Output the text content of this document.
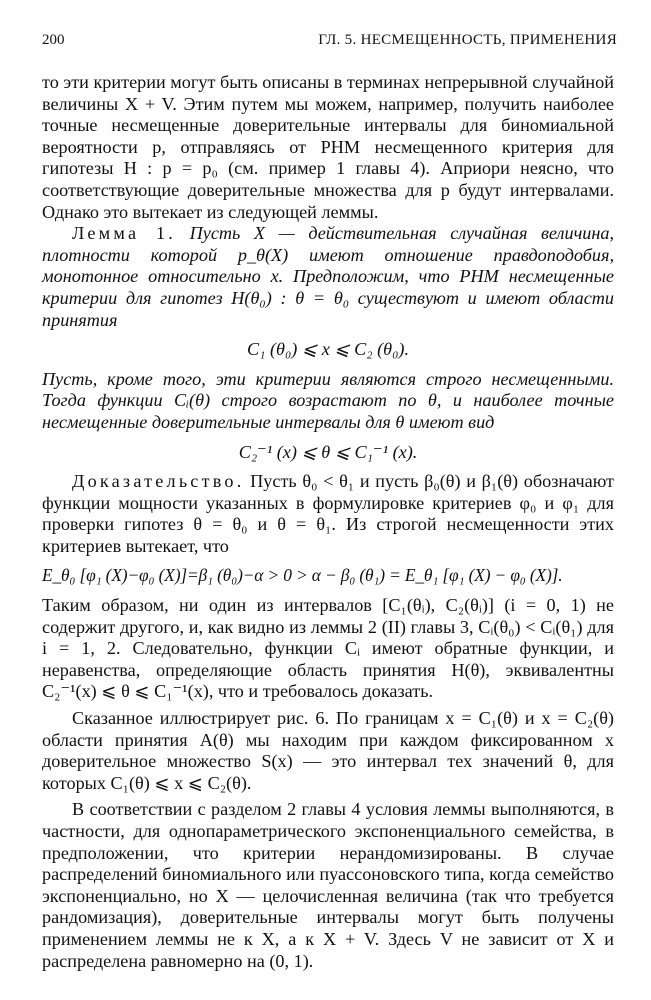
200	ГЛ. 5. НЕСМЕЩЕННОСТЬ, ПРИМЕНЕНИЯ

то эти критерии могут быть описаны в терминах непрерывной случайной величины X + V. Этим путем мы можем, например, получить наиболее точные несмещенные доверительные интервалы для биномиальной вероятности p, отправляясь от РНМ несмещенного критерия для гипотезы H : p = p₀ (см. пример 1 главы 4). Априори неясно, что соответствующие доверительные множества для p будут интервалами. Однако это вытекает из следующей леммы.

Лемма 1. Пусть X — действительная случайная величина, плотности которой p_θ(X) имеют отношение правдоподобия, монотонное относительно x. Предположим, что РНМ несмещенные критерии для гипотез H(θ₀) : θ = θ₀ существуют и имеют области принятия

C₁ (θ₀) ⩽ x ⩽ C₂ (θ₀).

Пусть, кроме того, эти критерии являются строго несмещенными. Тогда функции Cᵢ(θ) строго возрастают по θ, и наиболее точные несмещенные доверительные интервалы для θ имеют вид

C₂⁻¹ (x) ⩽ θ ⩽ C₁⁻¹ (x).

Доказательство. Пусть θ₀ < θ₁ и пусть β₀(θ) и β₁(θ) обозначают функции мощности указанных в формулировке критериев φ₀ и φ₁ для проверки гипотез θ = θ₀ и θ = θ₁. Из строгой несмещенности этих критериев вытекает, что

E_θ₀ [φ₁ (X)−φ₀ (X)]=β₁ (θ₀)−α > 0 > α − β₀ (θ₁) = E_θ₁ [φ₁ (X) − φ₀ (X)].

Таким образом, ни один из интервалов [C₁(θᵢ), C₂(θᵢ)] (i = 0, 1) не содержит другого, и, как видно из леммы 2 (II) главы 3, Cᵢ(θ₀) < Cᵢ(θ₁) для i = 1, 2. Следовательно, функции Cᵢ имеют обратные функции, и неравенства, определяющие область принятия H(θ), эквивалентны C₂⁻¹(x) ⩽ θ ⩽ C₁⁻¹(x), что и требовалось доказать.

Сказанное иллюстрирует рис. 6. По границам x = C₁(θ) и x = C₂(θ) области принятия A(θ) мы находим при каждом фиксированном x доверительное множество S(x) — это интервал тех значений θ, для которых C₁(θ) ⩽ x ⩽ C₂(θ).

В соответствии с разделом 2 главы 4 условия леммы выполняются, в частности, для однопараметрического экспоненциального семейства, в предположении, что критерии нерандомизированы. В случае распределений биномиального или пуассоновского типа, когда семейство экспоненциально, но X — целочисленная величина (так что требуется рандомизация), доверительные интервалы могут быть получены применением леммы не к X, а к X + V. Здесь V не зависит от X и распределена равномерно на (0, 1).
